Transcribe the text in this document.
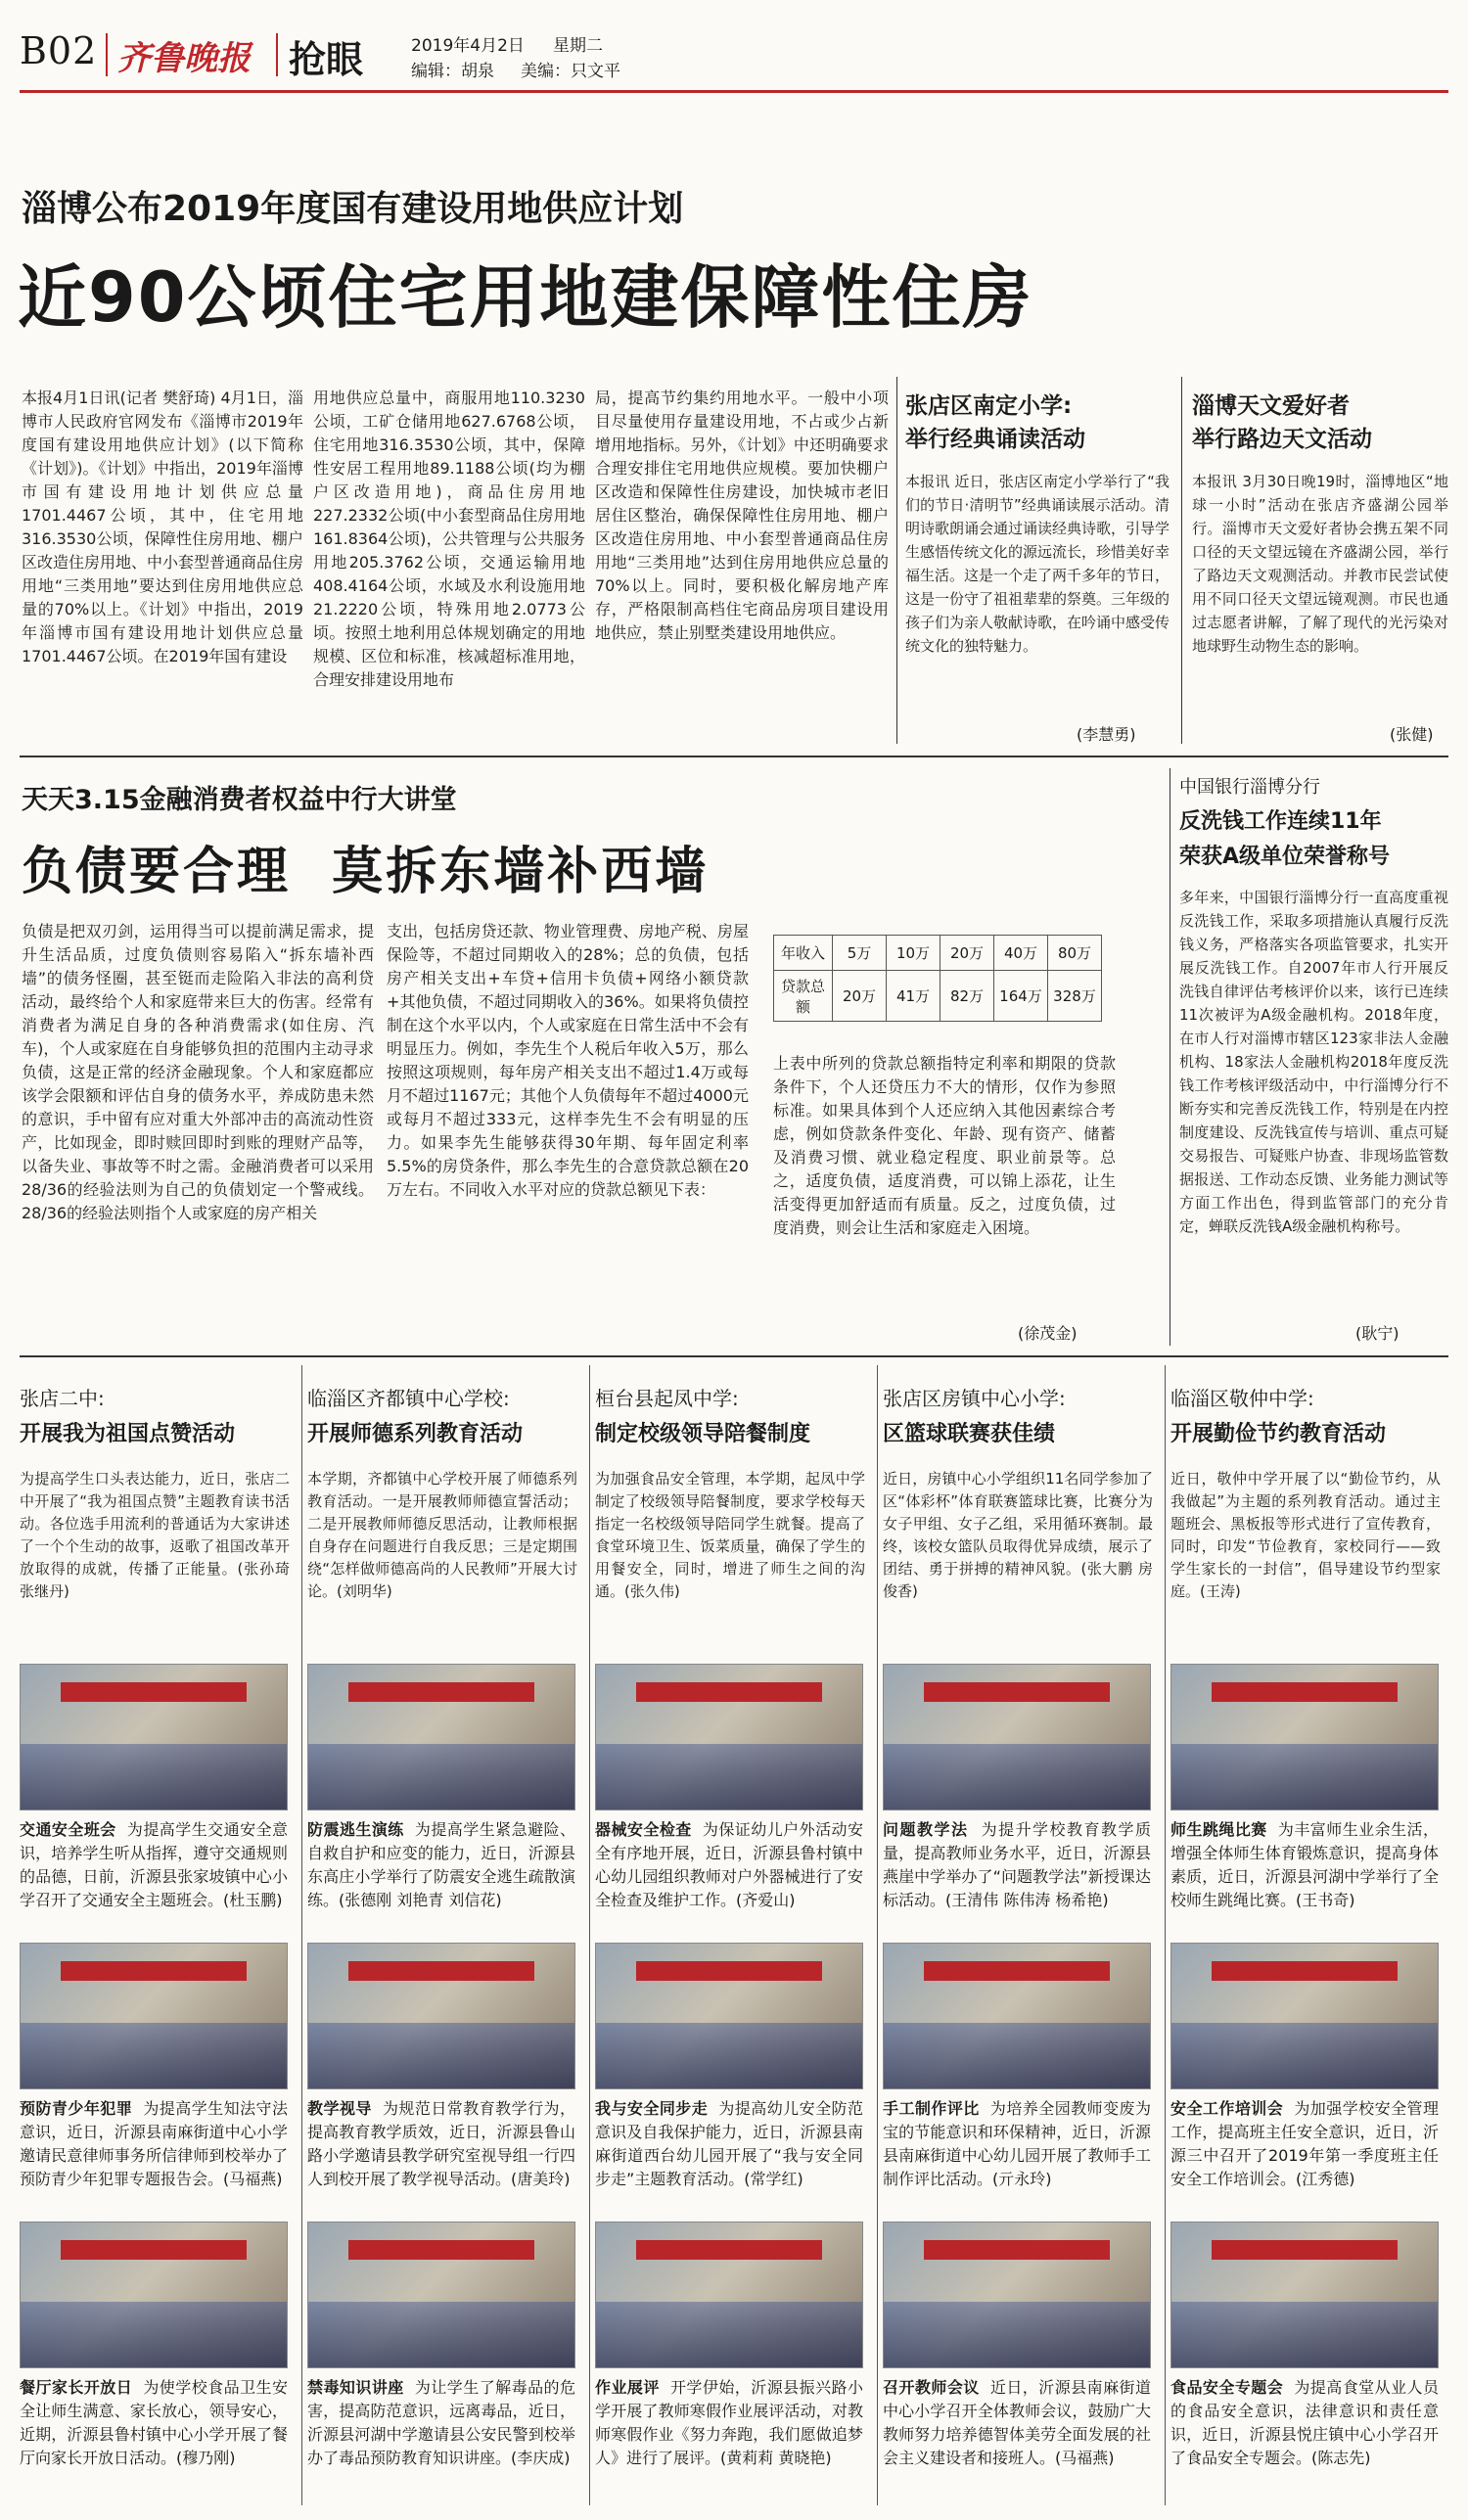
B02 齐鲁晚报 抢眼	2019年4月2日 星期二
编辑：胡泉 美编：只文平
淄博公布2019年度国有建设用地供应计划
近90公顷住宅用地建保障性住房
本报4月1日讯(记者 樊舒琦) 4月1日，淄博市人民政府官网发布《淄博市2019年度国有建设用地供应计划》(以下简称《计划》)。《计划》中指出，2019年淄博市国有建设用地计划供应总量1701.4467公顷，其中，住宅用地316.3530公顷，保障性住房用地、棚户区改造住房用地、中小套型普通商品住房用地“三类用地”要达到住房用地供应总量的70%以上。《计划》中指出，2019年淄博市国有建设用地计划供应总量1701.4467公顷。在2019年国有建设
用地供应总量中，商服用地110.3230公顷，工矿仓储用地627.6768公顷，住宅用地316.3530公顷，其中，保障性安居工程用地89.1188公顷(均为棚户区改造用地)，商品住房用地227.2332公顷(中小套型商品住房用地161.8364公顷)，公共管理与公共服务用地205.3762公顷，交通运输用地408.4164公顷，水域及水利设施用地21.2220公顷，特殊用地2.0773公顷。按照土地利用总体规划确定的用地规模、区位和标准，核减超标准用地，合理安排建设用地布
局，提高节约集约用地水平。一般中小项目尽量使用存量建设用地，不占或少占新增用地指标。另外，《计划》中还明确要求合理安排住宅用地供应规模。要加快棚户区改造和保障性住房建设，加快城市老旧居住区整治，确保保障性住房用地、棚户区改造住房用地、中小套型普通商品住房用地“三类用地”达到住房用地供应总量的70%以上。同时，要积极化解房地产库存，严格限制高档住宅商品房项目建设用地供应，禁止别墅类建设用地供应。
张店区南定小学:
举行经典诵读活动
本报讯 近日，张店区南定小学举行了“我们的节日·清明节”经典诵读展示活动。清明诗歌朗诵会通过诵读经典诗歌，引导学生感悟传统文化的源远流长，珍惜美好幸福生活。这是一个走了两千多年的节日，这是一份守了祖祖辈辈的祭奠。三年级的孩子们为亲人敬献诗歌，在吟诵中感受传统文化的独特魅力。
(李慧勇)
淄博天文爱好者
举行路边天文活动
本报讯 3月30日晚19时，淄博地区“地球一小时”活动在张店齐盛湖公园举行。淄博市天文爱好者协会携五架不同口径的天文望远镜在齐盛湖公园，举行了路边天文观测活动。并教市民尝试使用不同口径天文望远镜观测。市民也通过志愿者讲解，了解了现代的光污染对地球野生动物生态的影响。
(张健)
天天3.15金融消费者权益中行大讲堂
负债要合理  莫拆东墙补西墙
负债是把双刃剑，运用得当可以提前满足需求，提升生活品质，过度负债则容易陷入“拆东墙补西墙”的债务怪圈，甚至铤而走险陷入非法的高利贷活动，最终给个人和家庭带来巨大的伤害。经常有消费者为满足自身的各种消费需求(如住房、汽车)，个人或家庭在自身能够负担的范围内主动寻求负债，这是正常的经济金融现象。个人和家庭都应该学会限额和评估自身的债务水平，养成防患未然的意识，手中留有应对重大外部冲击的高流动性资产，比如现金，即时赎回即时到账的理财产品等，以备失业、事故等不时之需。金融消费者可以采用28/36的经验法则为自己的负债划定一个警戒线。28/36的经验法则指个人或家庭的房产相关
支出，包括房贷还款、物业管理费、房地产税、房屋保险等，不超过同期收入的28%；总的负债，包括房产相关支出+车贷+信用卡负债+网络小额贷款+其他负债，不超过同期收入的36%。如果将负债控制在这个水平以内，个人或家庭在日常生活中不会有明显压力。例如，李先生个人税后年收入5万，那么按照这项规则，每年房产相关支出不超过1.4万或每月不超过1167元；其他个人负债每年不超过4000元或每月不超过333元，这样李先生不会有明显的压力。如果李先生能够获得30年期、每年固定利率5.5%的房贷条件，那么李先生的合意贷款总额在20万左右。不同收入水平对应的贷款总额见下表：
年收入	5万	10万	20万	40万	80万
贷款总额	20万	41万	82万	164万	328万
上表中所列的贷款总额指特定利率和期限的贷款条件下，个人还贷压力不大的情形，仅作为参照标准。如果具体到个人还应纳入其他因素综合考虑，例如贷款条件变化、年龄、现有资产、储蓄及消费习惯、就业稳定程度、职业前景等。总之，适度负债，适度消费，可以锦上添花，让生活变得更加舒适而有质量。反之，过度负债，过度消费，则会让生活和家庭走入困境。
(徐茂金)
中国银行淄博分行
反洗钱工作连续11年
荣获A级单位荣誉称号
多年来，中国银行淄博分行一直高度重视反洗钱工作，采取多项措施认真履行反洗钱义务，严格落实各项监管要求，扎实开展反洗钱工作。自2007年市人行开展反洗钱自律评估考核评价以来，该行已连续11次被评为A级金融机构。2018年度，在市人行对淄博市辖区123家非法人金融机构、18家法人金融机构2018年度反洗钱工作考核评级活动中，中行淄博分行不断夯实和完善反洗钱工作，特别是在内控制度建设、反洗钱宣传与培训、重点可疑交易报告、可疑账户协查、非现场监管数据报送、工作动态反馈、业务能力测试等方面工作出色，得到监管部门的充分肯定，蝉联反洗钱A级金融机构称号。
(耿宁)
张店二中:
开展我为祖国点赞活动
为提高学生口头表达能力，近日，张店二中开展了“我为祖国点赞”主题教育读书活动。各位选手用流利的普通话为大家讲述了一个个生动的故事，返歌了祖国改革开放取得的成就，传播了正能量。(张孙琦 张继丹)
交通安全班会 为提高学生交通安全意识，培养学生听从指挥，遵守交通规则的品德，日前，沂源县张家坡镇中心小学召开了交通安全主题班会。(杜玉鹏)
预防青少年犯罪 为提高学生知法守法意识，近日，沂源县南麻街道中心小学邀请民意律师事务所信律师到校举办了预防青少年犯罪专题报告会。(马福燕)
餐厅家长开放日 为使学校食品卫生安全让师生满意、家长放心，领导安心，近期，沂源县鲁村镇中心小学开展了餐厅向家长开放日活动。(穆乃刚)
临淄区齐都镇中心学校:
开展师德系列教育活动
本学期，齐都镇中心学校开展了师德系列教育活动。一是开展教师师德宣誓活动；二是开展教师师德反思活动，让教师根据自身存在问题进行自我反思；三是定期围绕“怎样做师德高尚的人民教师”开展大讨论。(刘明华)
防震逃生演练 为提高学生紧急避险、自救自护和应变的能力，近日，沂源县东高庄小学举行了防震安全逃生疏散演练。(张德刚 刘艳青 刘信花)
教学视导 为规范日常教育教学行为，提高教育教学质效，近日，沂源县鲁山路小学邀请县教学研究室视导组一行四人到校开展了教学视导活动。(唐美玲)
禁毒知识讲座 为让学生了解毒品的危害，提高防范意识，远离毒品，近日，沂源县河湖中学邀请县公安民警到校举办了毒品预防教育知识讲座。(李庆成)
桓台县起凤中学:
制定校级领导陪餐制度
为加强食品安全管理，本学期，起凤中学制定了校级领导陪餐制度，要求学校每天指定一名校级领导陪同学生就餐。提高了食堂环境卫生、饭菜质量，确保了学生的用餐安全，同时，增进了师生之间的沟通。(张久伟)
器械安全检查 为保证幼儿户外活动安全有序地开展，近日，沂源县鲁村镇中心幼儿园组织教师对户外器械进行了安全检查及维护工作。(齐爱山)
我与安全同步走 为提高幼儿安全防范意识及自我保护能力，近日，沂源县南麻街道西台幼儿园开展了“我与安全同步走”主题教育活动。(常学红)
作业展评 开学伊始，沂源县振兴路小学开展了教师寒假作业展评活动，对教师寒假作业《努力奔跑，我们愿做追梦人》进行了展评。(黄莉莉 黄晓艳)
张店区房镇中心小学:
区篮球联赛获佳绩
近日，房镇中心小学组织11名同学参加了区“体彩杯”体育联赛篮球比赛，比赛分为女子甲组、女子乙组，采用循环赛制。最终，该校女篮队员取得优异成绩，展示了团结、勇于拼搏的精神风貌。(张大鹏 房俊香)
问题教学法 为提升学校教育教学质量，提高教师业务水平，近日，沂源县燕崖中学举办了“问题教学法”新授课达标活动。(王清伟 陈伟涛 杨希艳)
手工制作评比 为培养全园教师变废为宝的节能意识和环保精神，近日，沂源县南麻街道中心幼儿园开展了教师手工制作评比活动。(亓永玲)
召开教师会议 近日，沂源县南麻街道中心小学召开全体教师会议，鼓励广大教师努力培养德智体美劳全面发展的社会主义建设者和接班人。(马福燕)
临淄区敬仲中学:
开展勤俭节约教育活动
近日，敬仲中学开展了以“勤俭节约，从我做起”为主题的系列教育活动。通过主题班会、黑板报等形式进行了宣传教育，同时，印发“节俭教育，家校同行——致学生家长的一封信”，倡导建设节约型家庭。(王涛)
师生跳绳比赛 为丰富师生业余生活，增强全体师生体育锻炼意识，提高身体素质，近日，沂源县河湖中学举行了全校师生跳绳比赛。(王书奇)
安全工作培训会 为加强学校安全管理工作，提高班主任安全意识，近日，沂源三中召开了2019年第一季度班主任安全工作培训会。(江秀德)
食品安全专题会 为提高食堂从业人员的食品安全意识，法律意识和责任意识，近日，沂源县悦庄镇中心小学召开了食品安全专题会。(陈志先)
